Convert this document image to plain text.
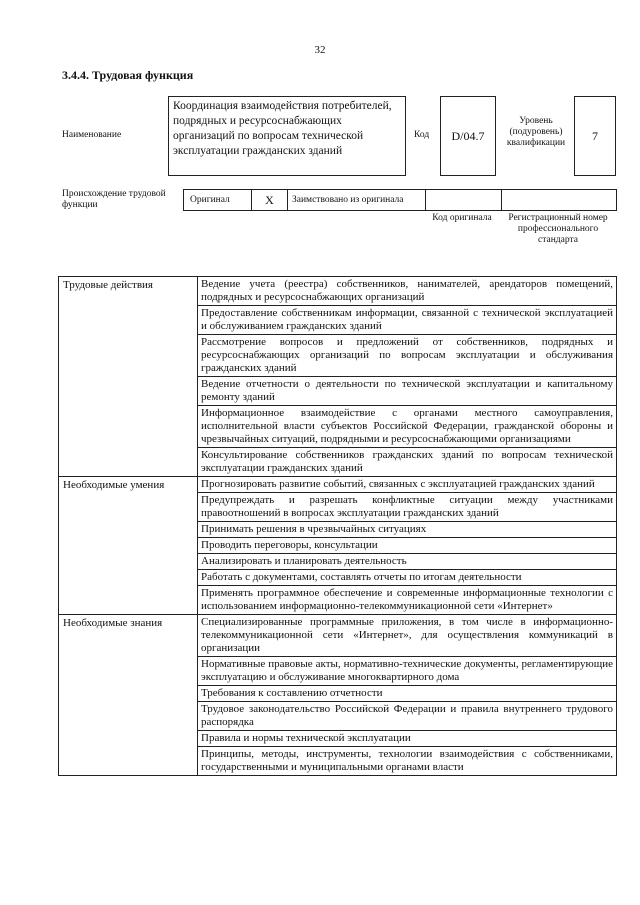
32
3.4.4. Трудовая функция
Наименование
Координация взаимодействия потребителей, подрядных и ресурсоснабжающих организаций по вопросам технической эксплуатации гражданских зданий
Код D/04.7
Уровень (подуровень) квалификации
7
Происхождение трудовой функции	Оригинал	X Заимствовано из оригинала
Код оригинала	Регистрационный номер профессионального стандарта
Трудовые действия	Ведение учета (реестра) собственников, нанимателей, арендаторов помещений, подрядных и ресурсоснабжающих организаций
	Предоставление собственникам информации, связанной с технической эксплуатацией и обслуживанием гражданских зданий
	Рассмотрение вопросов и предложений от собственников, подрядных и ресурсоснабжающих организаций по вопросам эксплуатации и обслуживания гражданских зданий
	Ведение отчетности о деятельности по технической эксплуатации и капитальному ремонту зданий
	Информационное взаимодействие с органами местного самоуправления, исполнительной власти субъектов Российской Федерации, гражданской обороны и чрезвычайных ситуаций, подрядными и ресурсоснабжающими организациями
	Консультирование собственников гражданских зданий по вопросам технической эксплуатации гражданских зданий
Необходимые умения	Прогнозировать развитие событий, связанных с эксплуатацией гражданских зданий
	Предупреждать и разрешать конфликтные ситуации между участниками правоотношений в вопросах эксплуатации гражданских зданий
	Принимать решения в чрезвычайных ситуациях
	Проводить переговоры, консультации
	Анализировать и планировать деятельность
	Работать с документами, составлять отчеты по итогам деятельности
	Применять программное обеспечение и современные информационные технологии с использованием информационно-телекоммуникационной сети «Интернет»
Необходимые знания	Специализированные программные приложения, в том числе в информационно-телекоммуникационной сети «Интернет», для осуществления коммуникаций в организации
	Нормативные правовые акты, нормативно-технические документы, регламентирующие эксплуатацию и обслуживание многоквартирного дома
	Требования к составлению отчетности
	Трудовое законодательство Российской Федерации и правила внутреннего трудового распорядка
	Правила и нормы технической эксплуатации
	Принципы, методы, инструменты, технологии взаимодействия с собственниками, государственными и муниципальными органами власти
